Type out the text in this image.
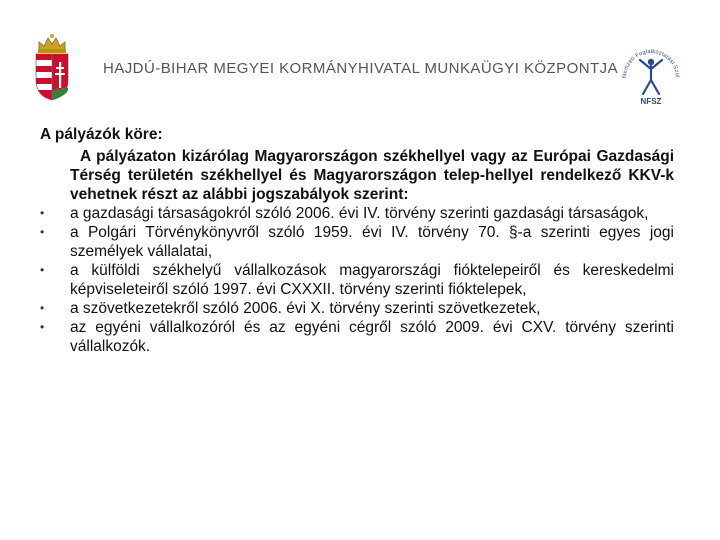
HAJDÚ-BIHAR MEGYEI KORMÁNYHIVATAL MUNKAÜGYI KÖZPONTJA Nemzeti Foglalkoztatási Szol
NFSZ

A pályázók köre:

A pályázaton kizárólag Magyarországon székhellyel vagy az Európai Gazdasági Térség területén székhellyel és Magyarországon telep-hellyel rendelkező KKV-k vehetnek részt az alábbi jogszabályok szerint:

• a gazdasági társaságokról szóló 2006. évi IV. törvény szerinti gazdasági társaságok,
• a Polgári Törvénykönyvről szóló 1959. évi IV. törvény 70. §-a szerinti egyes jogi személyek vállalatai,
• a külföldi székhelyű vállalkozások magyarországi fióktelepeiről és kereskedelmi képviseleteiről szóló 1997. évi CXXXII. törvény szerinti fióktelepek,
• a szövetkezetekről szóló 2006. évi X. törvény szerinti szövetkezetek,
• az egyéni vállalkozóról és az egyéni cégről szóló 2009. évi CXV. törvény szerinti vállalkozók.
